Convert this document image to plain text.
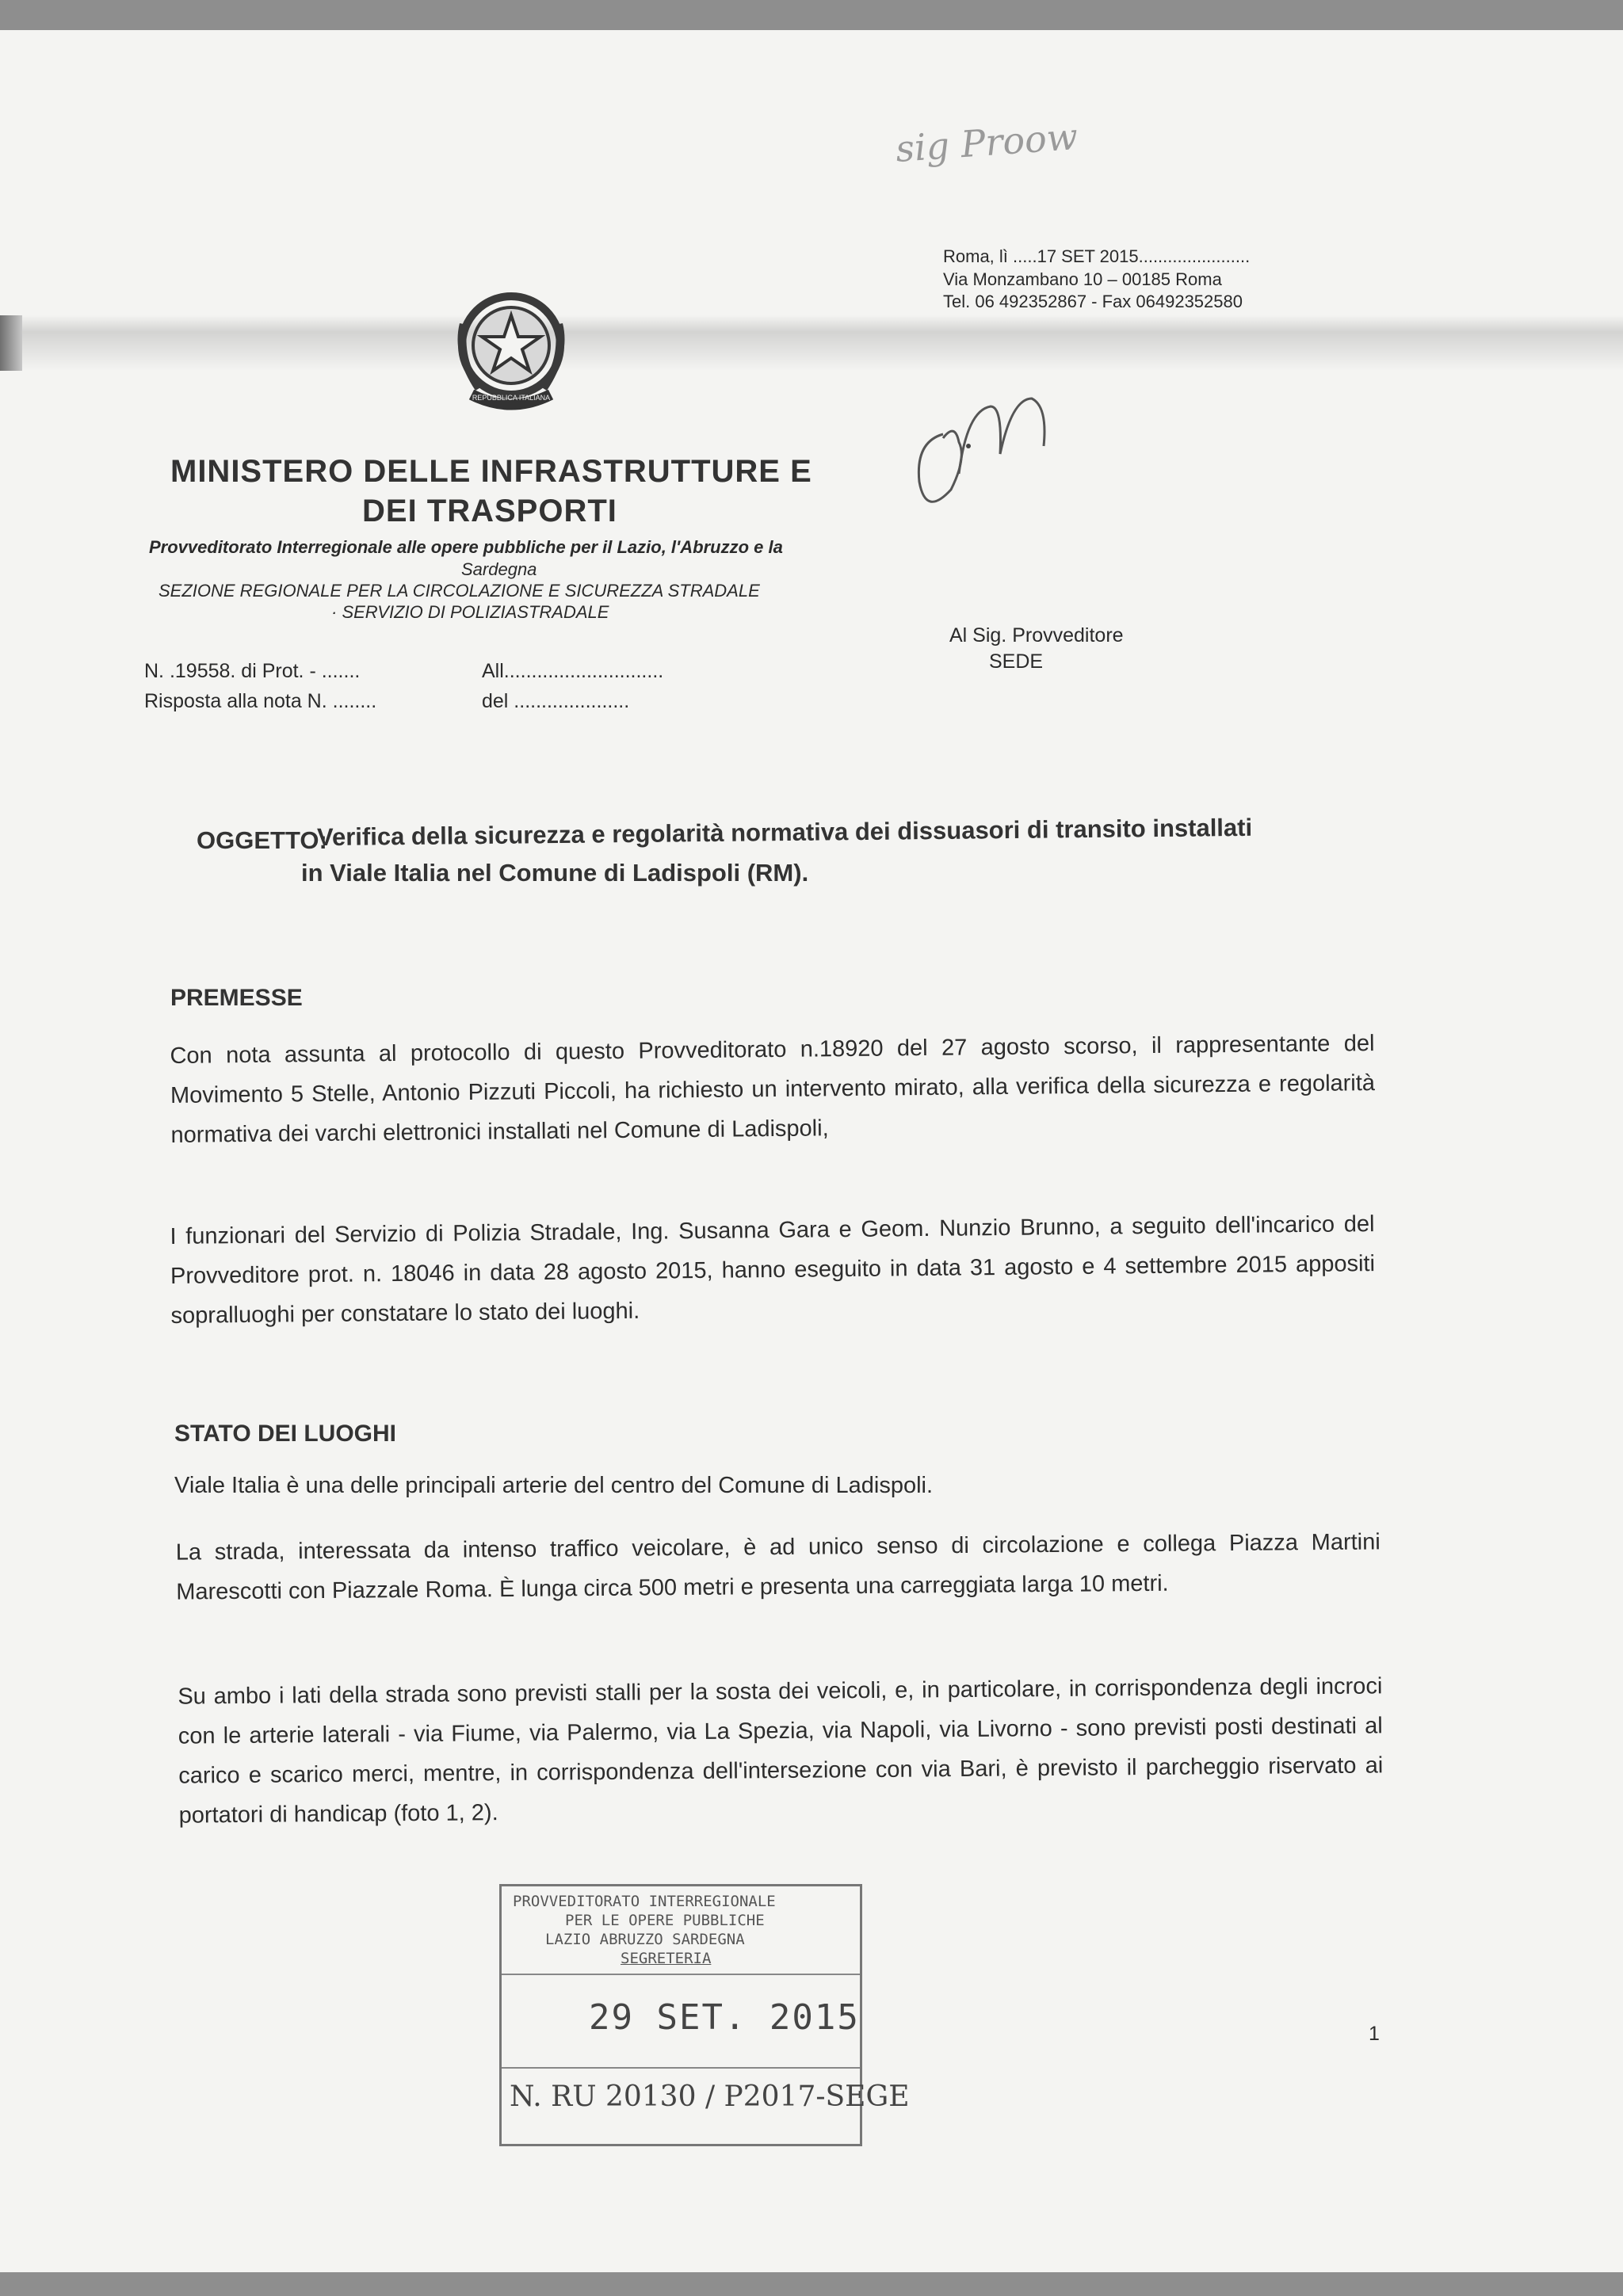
sig Proow
Roma, lì .....17 SET 2015.......................
Via Monzambano 10 – 00185 Roma
Tel. 06 492352867 - Fax 06492352580
REPUBBLICA ITALIANA
MINISTERO DELLE INFRASTRUTTURE E
DEI TRASPORTI
Provveditorato Interregionale alle opere pubbliche per il Lazio, l'Abruzzo e la
Sardegna
SEZIONE REGIONALE PER LA CIRCOLAZIONE E SICUREZZA STRADALE
· SERVIZIO DI POLIZIASTRADALE
N. .19558. di Prot. - .......
Risposta alla nota N. ........
All.............................
del .....................
Al Sig. Provveditore
SEDE
OGGETTO:
Verifica della sicurezza e regolarità normativa dei dissuasori di transito installati
in Viale Italia nel Comune di Ladispoli (RM).
PREMESSE
Con nota assunta al protocollo di questo Provveditorato n.18920 del 27 agosto scorso, il rappresentante del Movimento 5 Stelle, Antonio Pizzuti Piccoli, ha richiesto un intervento mirato, alla verifica della sicurezza e regolarità normativa dei varchi elettronici installati nel Comune di Ladispoli,
I funzionari del Servizio di Polizia Stradale, Ing. Susanna Gara e Geom. Nunzio Brunno, a seguito dell'incarico del Provveditore prot. n. 18046 in data 28 agosto 2015, hanno eseguito in data 31 agosto e 4 settembre 2015 appositi sopralluoghi per constatare lo stato dei luoghi.
STATO DEI LUOGHI
Viale Italia è una delle principali arterie del centro del Comune di Ladispoli.
La strada, interessata da intenso traffico veicolare, è ad unico senso di circolazione e collega Piazza Martini Marescotti con Piazzale Roma. È lunga circa 500 metri e presenta una carreggiata larga 10 metri.
Su ambo i lati della strada sono previsti stalli per la sosta dei veicoli, e, in particolare, in corrispondenza degli incroci con le arterie laterali - via Fiume, via Palermo, via La Spezia, via Napoli, via Livorno - sono previsti posti destinati al carico e scarico merci, mentre, in corrispondenza dell'intersezione con via Bari, è previsto il parcheggio riservato ai portatori di handicap (foto 1, 2).
PROVVEDITORATO INTERREGIONALE
PER LE OPERE PUBBLICHE
LAZIO ABRUZZO SARDEGNA
SEGRETERIA
29 SET. 2015
N. RU 20130 / P2017-SEGE
1
